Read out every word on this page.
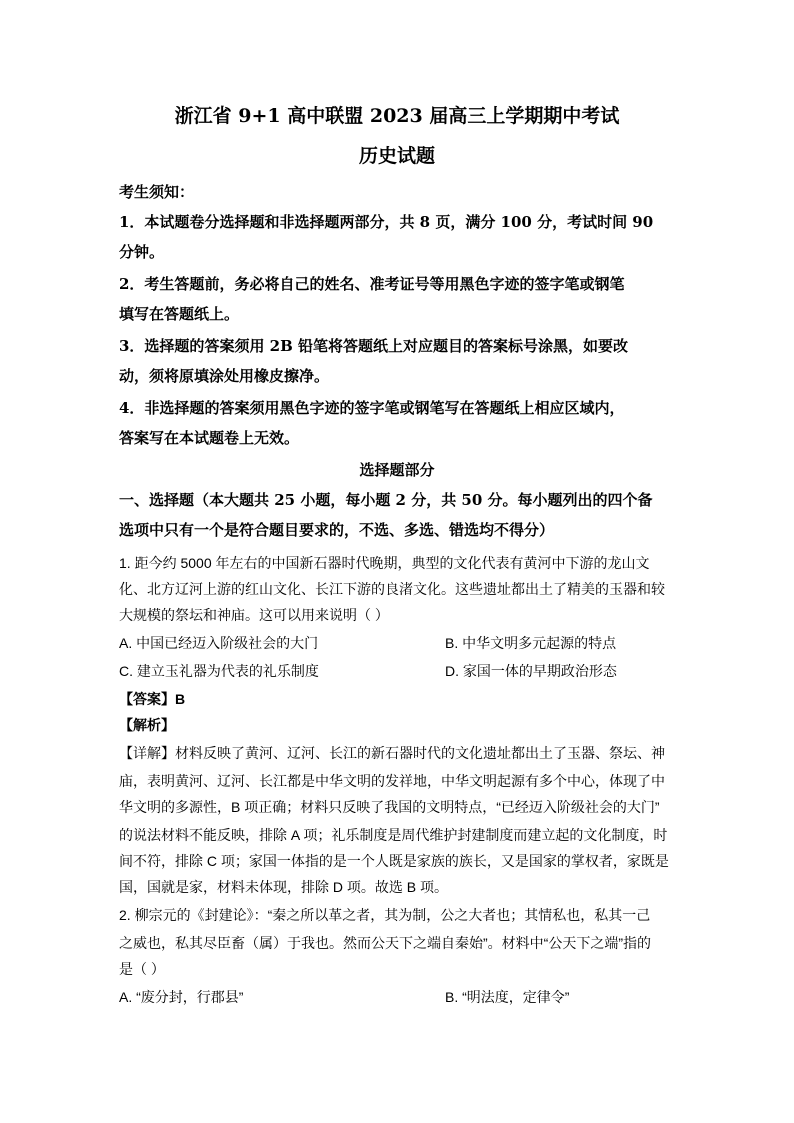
浙江省 9+1 高中联盟 2023 届高三上学期期中考试
历史试题
考生须知：
1．本试题卷分选择题和非选择题两部分，共 8 页，满分 100 分，考试时间 90
分钟。
2．考生答题前，务必将自己的姓名、准考证号等用黑色字迹的签字笔或钢笔
填写在答题纸上。
3．选择题的答案须用 2B 铅笔将答题纸上对应题目的答案标号涂黑，如要改
动，须将原填涂处用橡皮擦净。
4．非选择题的答案须用黑色字迹的签字笔或钢笔写在答题纸上相应区域内，
答案写在本试题卷上无效。
选择题部分
一、选择题（本大题共 25 小题，每小题 2 分，共 50 分。每小题列出的四个备
选项中只有一个是符合题目要求的，不选、多选、错选均不得分）
1. 距今约 5000 年左右的中国新石器时代晚期，典型的文化代表有黄河中下游的龙山文
化、北方辽河上游的红山文化、长江下游的良渚文化。这些遗址都出土了精美的玉器和较
大规模的祭坛和神庙。这可以用来说明（ ）
A. 中国已经迈入阶级社会的大门	B. 中华文明多元起源的特点
C. 建立玉礼器为代表的礼乐制度	D. 家国一体的早期政治形态
【答案】B
【解析】
【详解】材料反映了黄河、辽河、长江的新石器时代的文化遗址都出土了玉器、祭坛、神
庙，表明黄河、辽河、长江都是中华文明的发祥地，中华文明起源有多个中心，体现了中
华文明的多源性，B 项正确；材料只反映了我国的文明特点，“已经迈入阶级社会的大门”
的说法材料不能反映，排除 A 项；礼乐制度是周代维护封建制度而建立起的文化制度，时
间不符，排除 C 项；家国一体指的是一个人既是家族的族长，又是国家的掌权者，家既是
国，国就是家，材料未体现，排除 D 项。故选 B 项。
2. 柳宗元的《封建论》：“秦之所以革之者，其为制，公之大者也；其情私也，私其一己
之威也，私其尽臣畜（属）于我也。然而公天下之端自秦始”。材料中“公天下之端”指的
是（ ）
A. “废分封，行郡县”	B. “明法度，定律令”
